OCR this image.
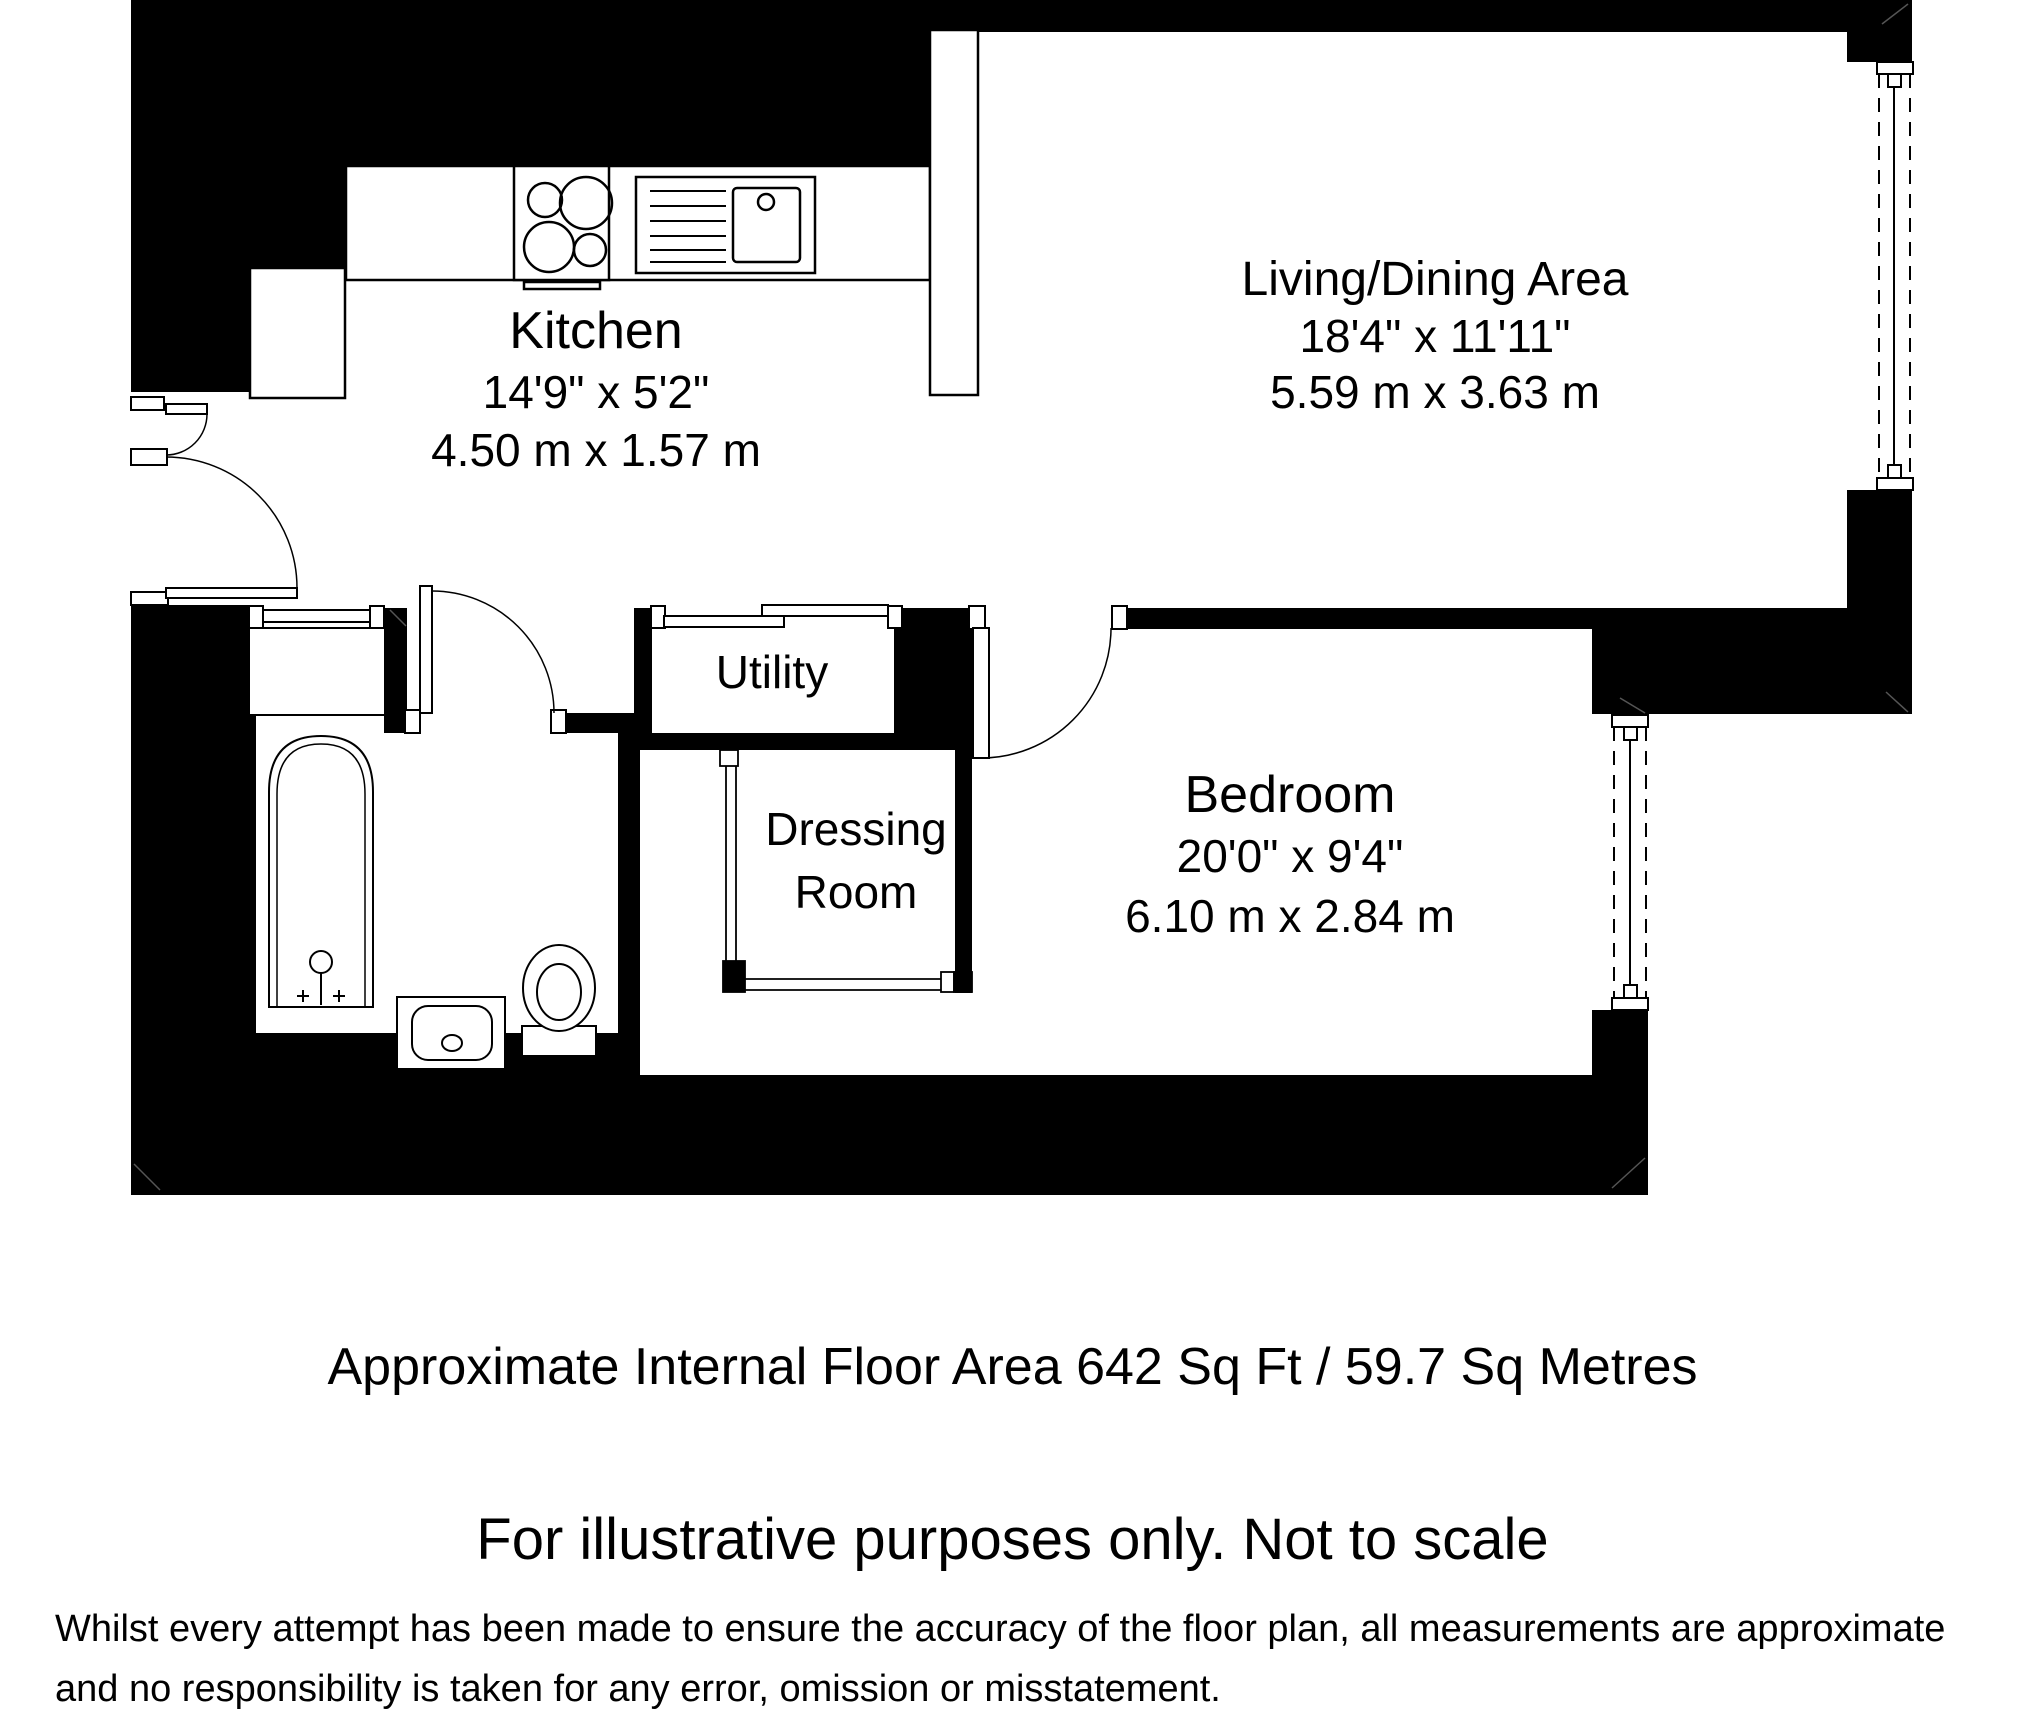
Kitchen
14'9" x 5'2"
4.50 m x 1.57 m
Living/Dining Area
18'4" x 11'11"
5.59 m x 3.63 m
Utility
Dressing
Room
Bedroom
20'0" x 9'4"
6.10 m x 2.84 m
Approximate Internal Floor Area 642 Sq Ft / 59.7 Sq Metres
For illustrative purposes only. Not to scale
Whilst every attempt has been made to ensure the accuracy of the floor plan, all measurements are approximate
and no responsibility is taken for any error, omission or misstatement.
